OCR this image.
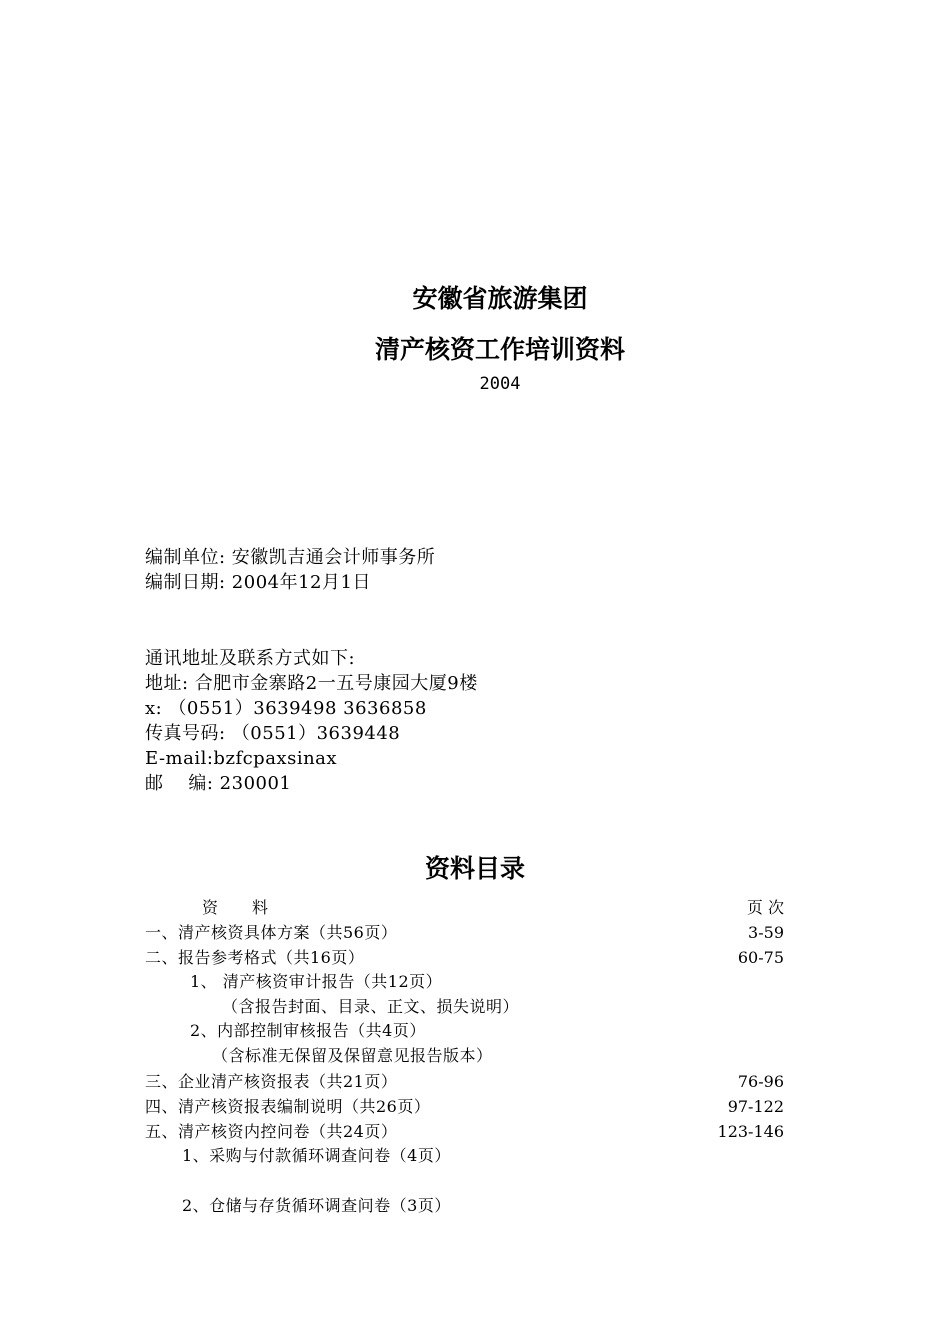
安徽省旅游集团
清产核资工作培训资料
2004
编制单位: 安徽凯吉通会计师事务所
编制日期: 2004年12月1日
通讯地址及联系方式如下:
地址: 合肥市金寨路2一五号康园大厦9楼
x: （0551）3639498 3636858
传真号码: （0551）3639448
E-mail:bzfcpaxsinax
邮    编: 230001
资料目录
资      料	页 次
一、清产核资具体方案（共56页）	3-59
二、报告参考格式（共16页）	60-75
1、 清产核资审计报告（共12页）
（含报告封面、目录、正文、损失说明）
2、内部控制审核报告（共4页）
（含标准无保留及保留意见报告版本）
三、企业清产核资报表（共21页）	76-96
四、清产核资报表编制说明（共26页）	97-122
五、清产核资内控问卷（共24页）	123-146
1、采购与付款循环调查问卷（4页）
2、仓储与存货循环调查问卷（3页）
